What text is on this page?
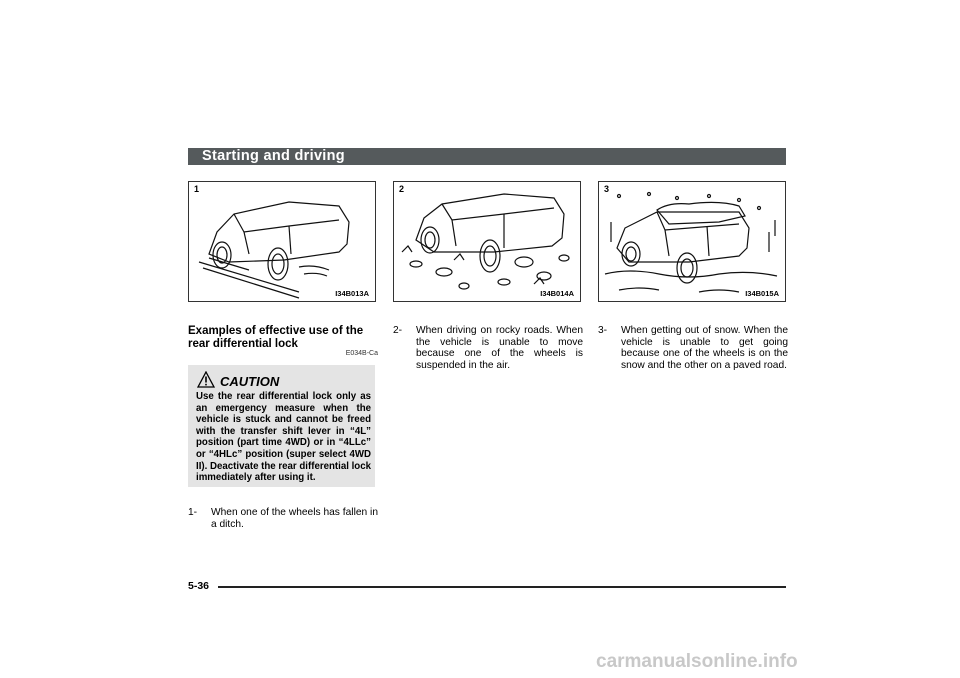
Starting and driving
1
I34B013A
2
I34B014A
3
I34B015A
Examples of effective use of the rear differential lock
E034B-Ca
CAUTION
Use the rear differential lock only as an emergency measure when the vehicle is stuck and cannot be freed with the transfer shift lever in “4L” position (part time 4WD) or in “4LLc” or “4HLc” position (super select 4WD II). Deactivate the rear differential lock immediately after using it.
1- When one of the wheels has fallen in a ditch.
2- When driving on rocky roads. When the vehicle is unable to move because one of the wheels is suspended in the air.
3- When getting out of snow. When the vehicle is unable to get going because one of the wheels is on the snow and the other on a paved road.
5-36
carmanualsonline.info
